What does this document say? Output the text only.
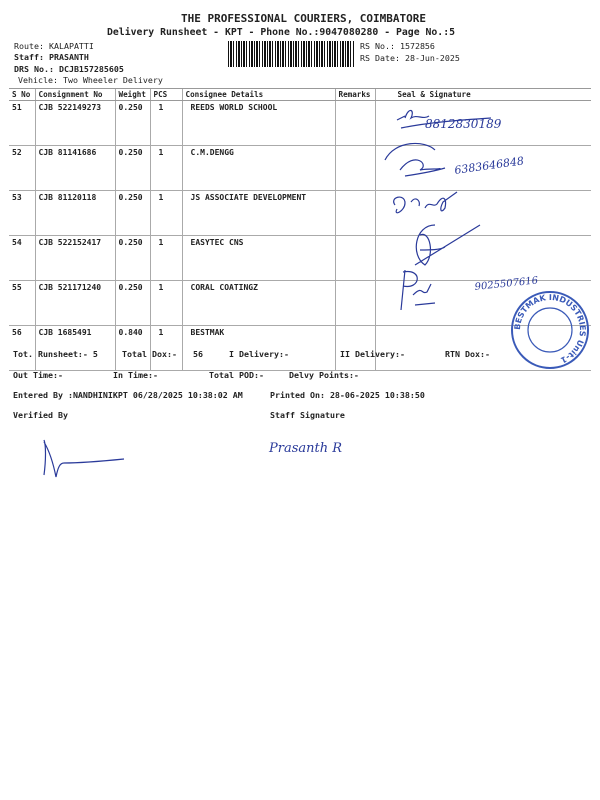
THE PROFESSIONAL COURIERS, COIMBATORE
Delivery Runsheet - KPT - Phone No.:9047080280 - Page No.:5
Route: KALAPATTI
Staff: PRASANTH
DRS No.: DCJB157285605
Vehicle: Two Wheeler Delivery
RS No.: 1572856
RS Date: 28-Jun-2025
S No	Consignment No	Weight	PCS	Consignee Details	Remarks	Seal & Signature
51	CJB 522149273	0.250	1	REEDS WORLD SCHOOL		
52	CJB 81141686	0.250	1	C.M.DENGG		
53	CJB 81120118	0.250	1	JS ASSOCIATE DEVELOPMENT		
54	CJB 522152417	0.250	1	EASYTEC CNS		
55	CJB 521171240	0.250	1	CORAL COATINGZ		
56	CJB 1685491	0.840	1	BESTMAK		
8812830189
6383646848
9025507616
BESTMAK INDUSTRIES Unit-1
Tot. Runsheet:- 5	Total Dox:- 56	I Delivery:-	II Delivery:-	RTN Dox:-
Out Time:-	In Time:-	Total POD:-	Delvy Points:-
Entered By :NANDHINIKPT 06/28/2025 10:38:02 AM	Printed On: 28-06-2025 10:38:50
Verified By	Staff Signature
Prasanth R
